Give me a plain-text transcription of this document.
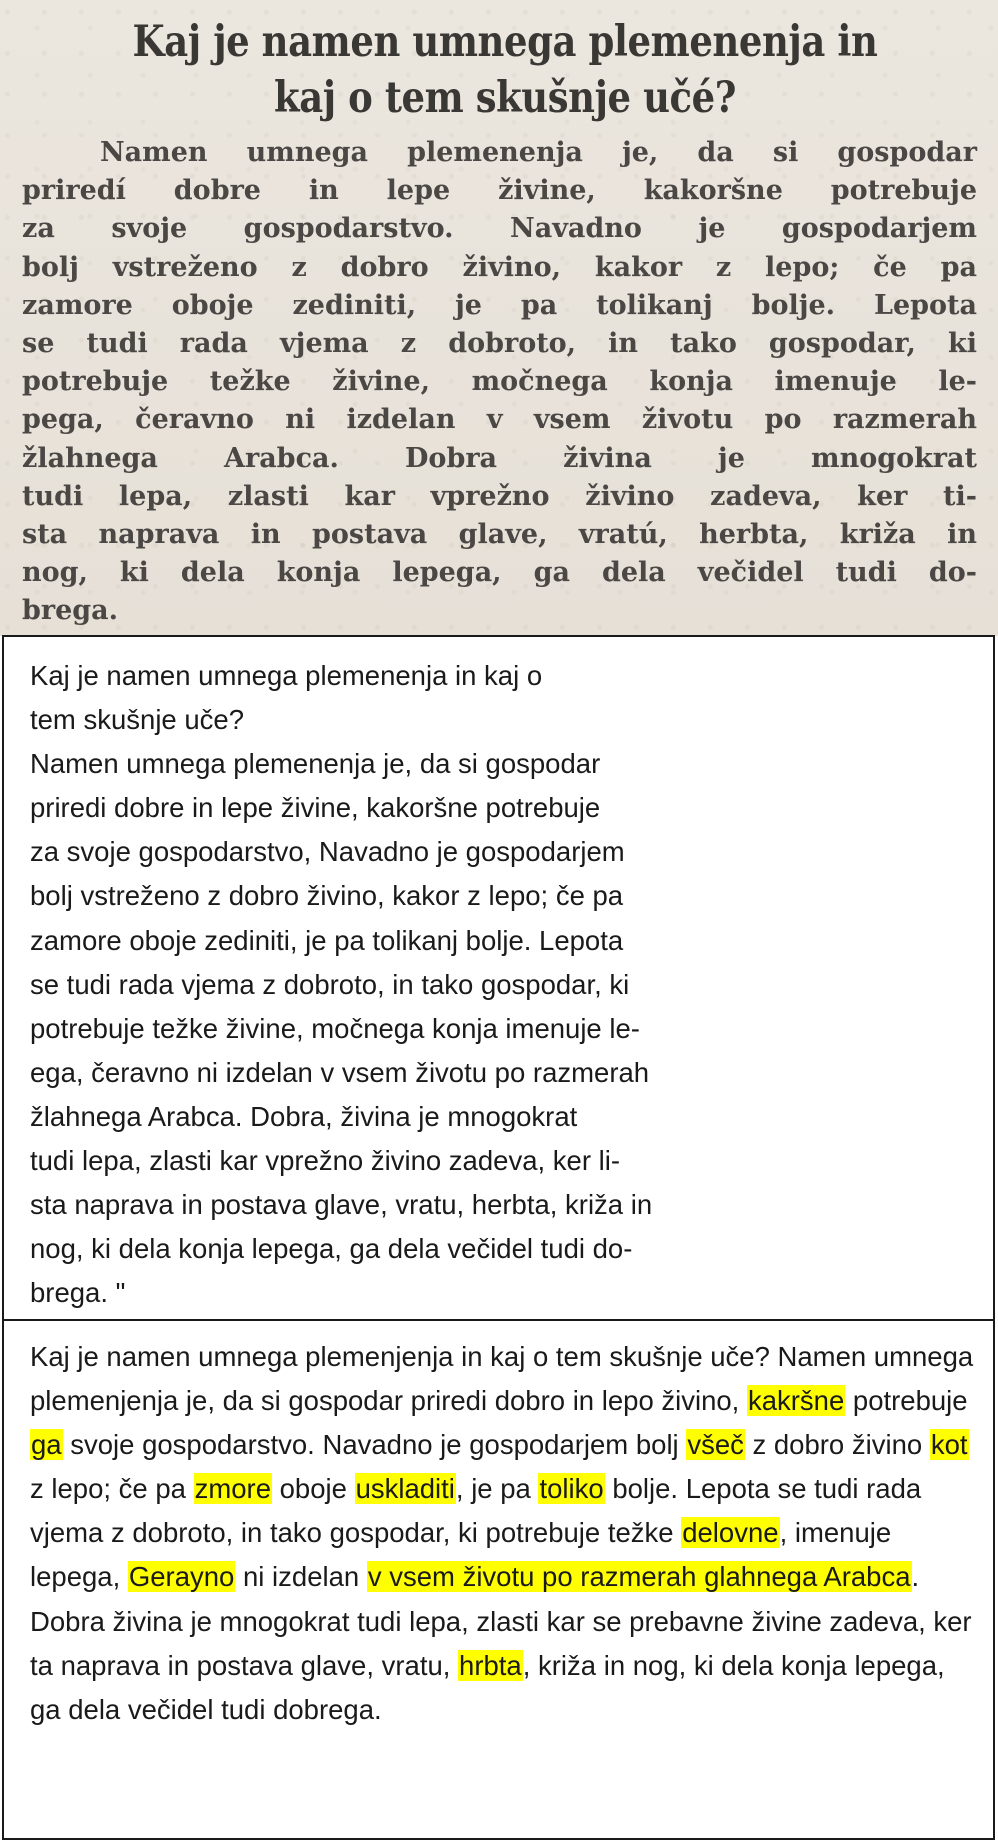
Kaj je namen umnega plemenenja in kaj o tem skušnje učé?
Namen umnega plemenenja je, da si gospodar
priredí dobre in lepe živine, kakoršne potrebuje
za svoje gospodarstvo. Navadno je gospodarjem
bolj vstreženo z dobro živino, kakor z lepo; če pa
zamore oboje zediniti, je pa tolikanj bolje. Lepota
se tudi rada vjema z dobroto, in tako gospodar, ki
potrebuje težke živine, močnega konja imenuje le-
pega, čeravno ni izdelan v vsem životu po razmerah
žlahnega Arabca. Dobra živina je mnogokrat
tudi lepa, zlasti kar vprežno živino zadeva, ker ti-
sta naprava in postava glave, vratú, herbta, križa in
nog, ki dela konja lepega, ga dela večidel tudi do-
brega.
Kaj je namen umnega plemenenja in kaj o
tem skušnje uče?
Namen umnega plemenenja je, da si gospodar
priredi dobre in lepe živine, kakoršne potrebuje
za svoje gospodarstvo, Navadno je gospodarjem
bolj vstreženo z dobro živino, kakor z lepo; če pa
zamore oboje zediniti, je pa tolikanj bolje. Lepota
se tudi rada vjema z dobroto, in tako gospodar, ki
potrebuje težke živine, močnega konja imenuje le-
ega, čeravno ni izdelan v vsem životu po razmerah
žlahnega Arabca. Dobra, živina je mnogokrat
tudi lepa, zlasti kar vprežno živino zadeva, ker li-
sta naprava in postava glave, vratu, herbta, križa in
nog, ki dela konja lepega, ga dela večidel tudi do-
brega. "

Kaj je namen umnega plemenjenja in kaj o tem skušnje uče? Namen umnega plemenjenja je, da si gospodar priredi dobro in lepo živino, kakršne potrebuje ga svoje gospodarstvo. Navadno je gospodarjem bolj všeč z dobro živino kot z lepo; če pa zmore oboje uskladiti, je pa toliko bolje. Lepota se tudi rada vjema z dobroto, in tako gospodar, ki potrebuje težke delovne, imenuje lepega, Gerayno ni izdelan v vsem životu po razmerah glahnega Arabca. Dobra živina je mnogokrat tudi lepa, zlasti kar se prebavne živine zadeva, ker ta naprava in postava glave, vratu, hrbta, križa in nog, ki dela konja lepega, ga dela večidel tudi dobrega.
